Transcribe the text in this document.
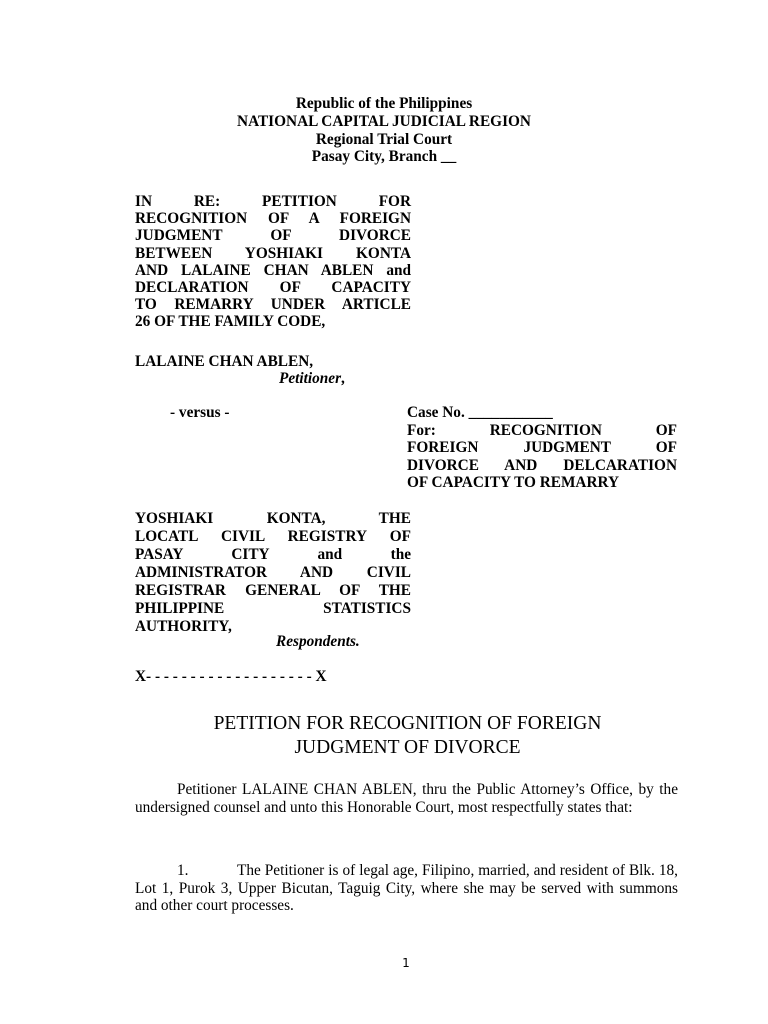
Republic of the Philippines
NATIONAL CAPITAL JUDICIAL REGION
Regional Trial Court
Pasay City, Branch __
IN RE: PETITION FOR
RECOGNITION OF A FOREIGN
JUDGMENT OF DIVORCE
BETWEEN YOSHIAKI KONTA
AND LALAINE CHAN ABLEN and
DECLARATION OF CAPACITY
TO REMARRY UNDER ARTICLE
26 OF THE FAMILY CODE,
LALAINE CHAN ABLEN,
Petitioner,
- versus -	Case No. ___________
For: RECOGNITION OF
FOREIGN JUDGMENT OF
DIVORCE AND DELCARATION
OF CAPACITY TO REMARRY
YOSHIAKI KONTA, THE
LOCATL CIVIL REGISTRY OF
PASAY CITY and the
ADMINISTRATOR AND CIVIL
REGISTRAR GENERAL OF THE
PHILIPPINE STATISTICS
AUTHORITY,
Respondents.
X- - - - - - - - - - - - - - - - - - - X
PETITION FOR RECOGNITION OF FOREIGN
JUDGMENT OF DIVORCE
Petitioner LALAINE CHAN ABLEN, thru the Public Attorney’s Office, by the undersigned counsel and unto this Honorable Court, most respectfully states that:
1.	The Petitioner is of legal age, Filipino, married, and resident of Blk. 18, Lot 1, Purok 3, Upper Bicutan, Taguig City, where she may be served with summons and other court processes.
1
